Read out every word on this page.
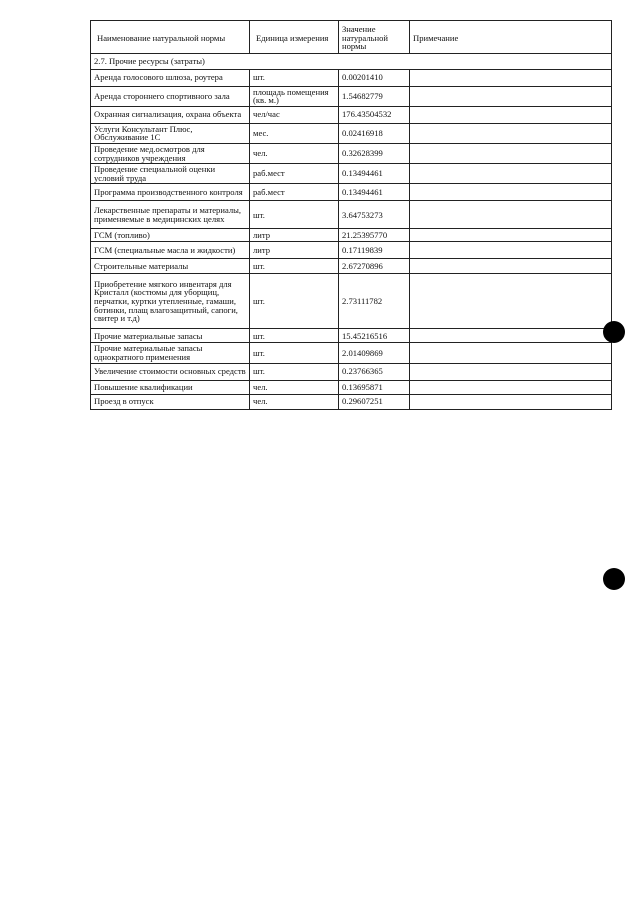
Наименование натуральной нормы	Единица измерения	Значение натуральной нормы	Примечание
2.7. Прочие ресурсы (затраты)			
Аренда голосового шлюза, роутера	шт.	0.00201410	
Аренда стороннего спортивного зала	площадь помещения (кв. м.)	1.54682779	
Охранная сигнализация, охрана объекта	чел/час	176.43504532	
Услуги Консультант Плюс, Обслуживание 1С	мес.	0.02416918	
Проведение мед.осмотров для сотрудников учреждения	чел.	0.32628399	
Проведение специальной оценки условий труда	раб.мест	0.13494461	
Программа производственного контроля	раб.мест	0.13494461	
Лекарственные препараты и материалы, применяемые в медицинских целях	шт.	3.64753273	
ГСМ (топливо)	литр	21.25395770	
ГСМ (специальные масла и жидкости)	литр	0.17119839	
Строительные материалы	шт.	2.67270896	
Приобретение мягкого инвентаря для Кристалл (костюмы для уборщиц, перчатки, куртки утепленные, гамаши, ботинки, плащ влагозащитный, сапоги, свитер и т.д)	шт.	2.73111782	
Прочие материальные запасы	шт.	15.45216516	
Прочие материальные запасы однократного применения	шт.	2.01409869	
Увеличение стоимости основных средств	шт.	0.23766365	
Повышение квалификации	чел.	0.13695871	
Проезд в отпуск	чел.	0.29607251	
